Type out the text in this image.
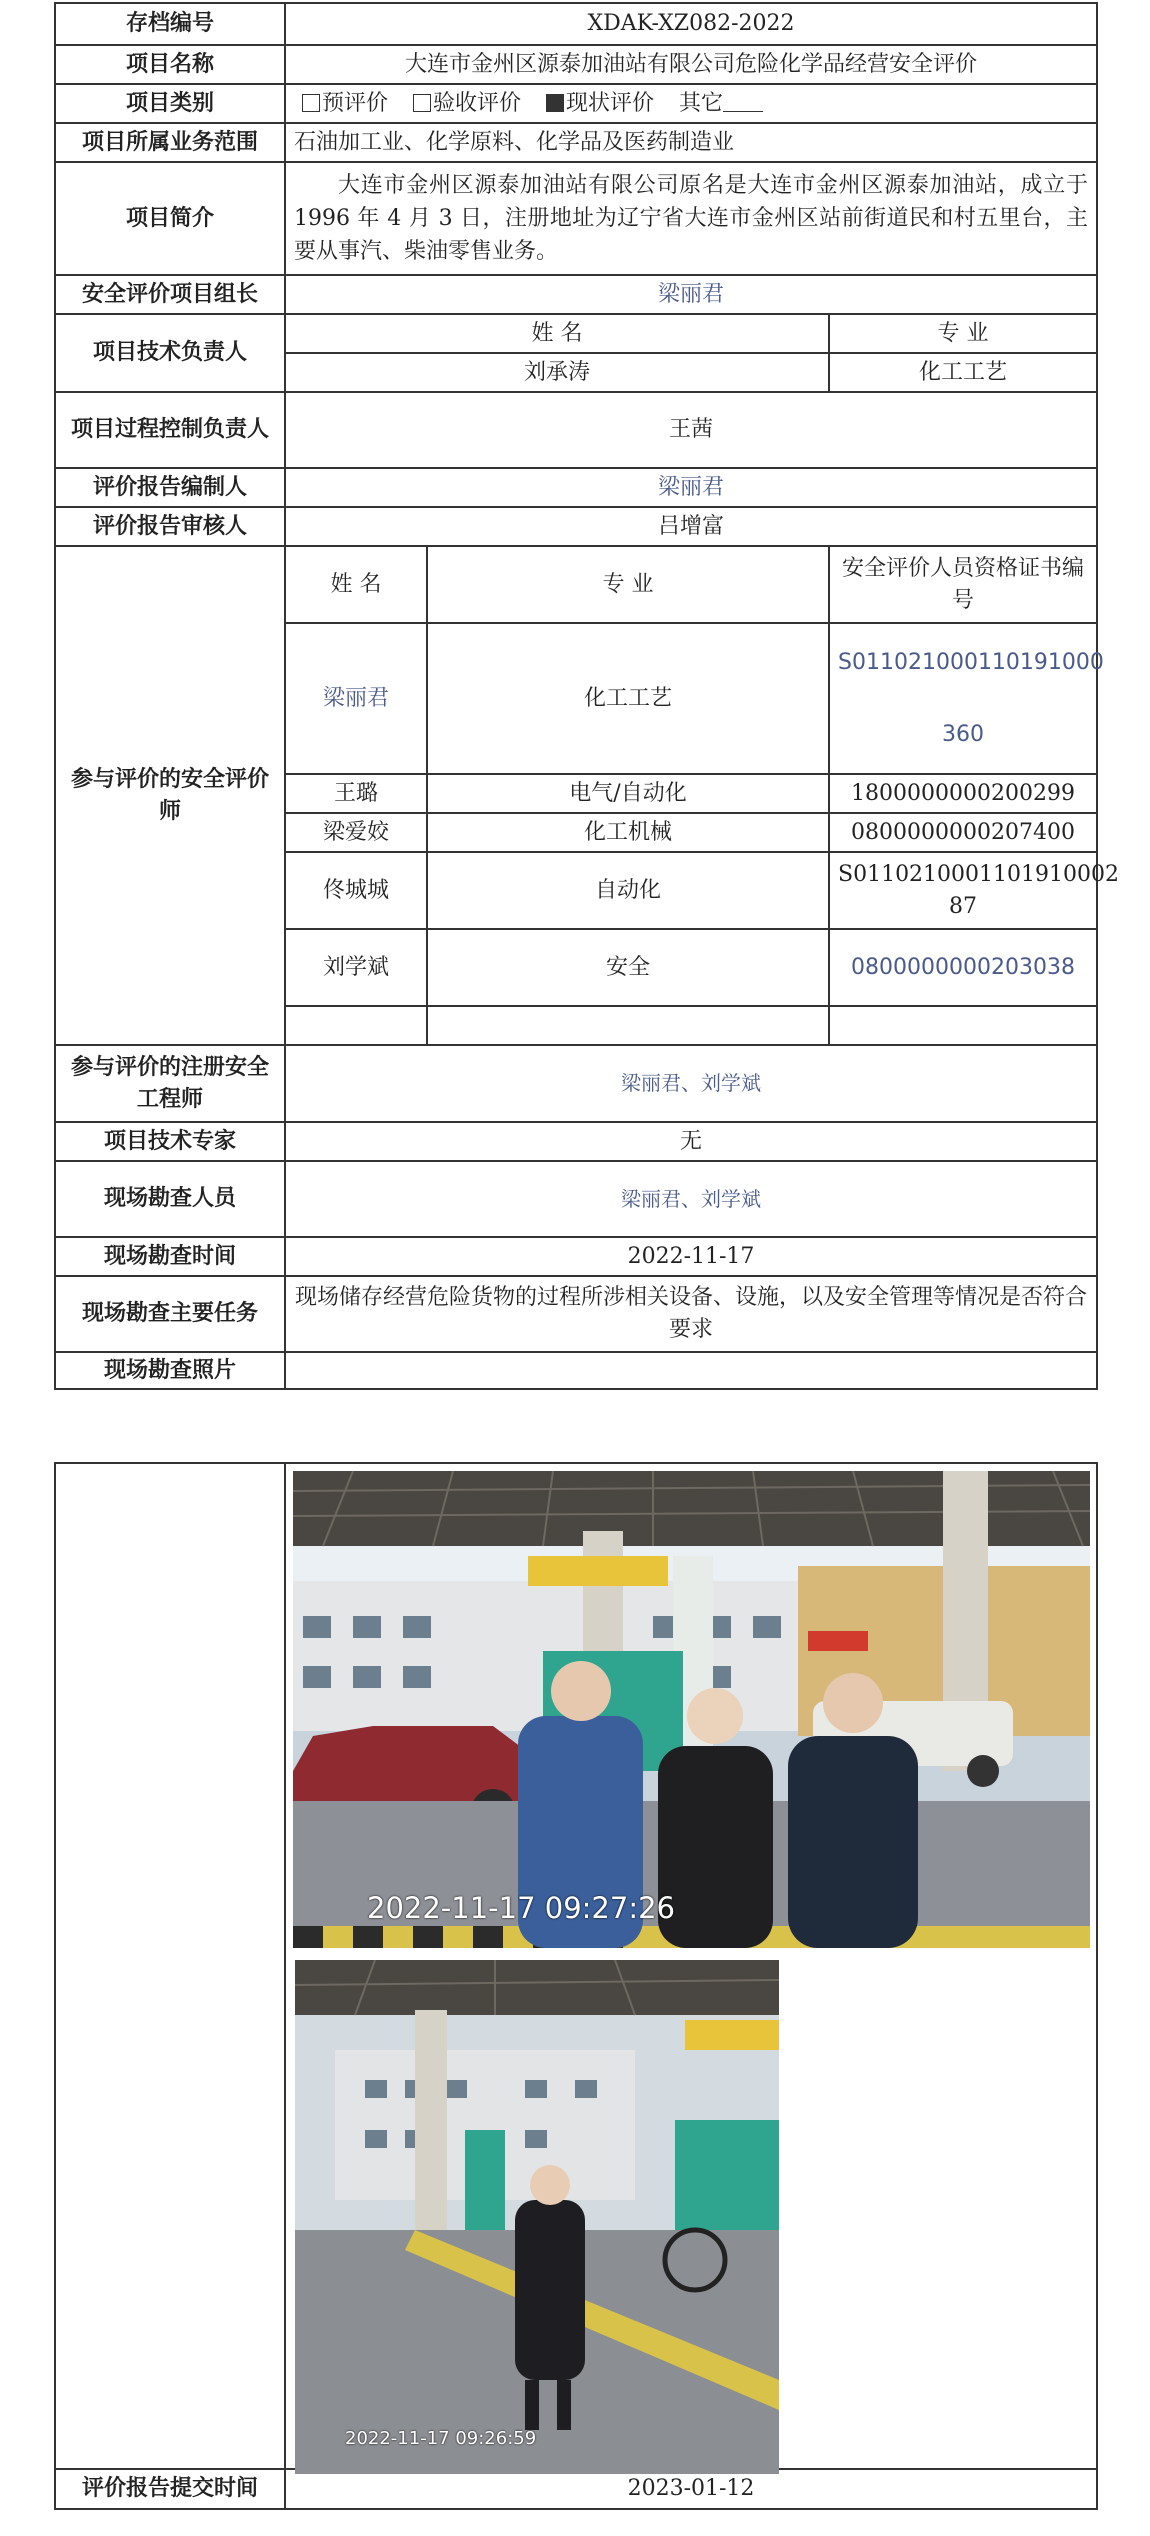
存档编号	XDAK-XZ082-2022		
项目名称	大连市金州区源泰加油站有限公司危险化学品经营安全评价		
项目类别	预评价 验收评价 现状评价 其它		
项目所属业务范围	石油加工业、化学原料、化学品及医药制造业		
项目简介	大连市金州区源泰加油站有限公司原名是大连市金州区源泰加油站，成立于 1996 年 4 月 3 日，注册地址为辽宁省大连市金州区站前街道民和村五里台，主要从事汽、柴油零售业务。		
安全评价项目组长	梁丽君		
项目技术负责人	姓 名		专 业
	刘承涛		化工工艺
项目过程控制负责人	王茜		
评价报告编制人	梁丽君		
评价报告审核人	吕增富		
参与评价的安全评价师	姓 名	专 业	安全评价人员资格证书编号
	梁丽君	化工工艺	S011021000110191000
360

	王璐	电气/自动化	1800000000200299
	梁爱姣	化工机械	0800000000207400
	佟城城	自动化	S0110210001101910002
87

	刘学斌	安全	0800000000203038

参与评价的注册安全工程师	梁丽君、刘学斌		
项目技术专家	无		
现场勘查人员	梁丽君、刘学斌		
现场勘查时间	2022-11-17		
现场勘查主要任务	现场储存经营危险货物的过程所涉相关设备、设施，以及安全管理等情况是否符合要求		
现场勘查照片			

评价报告提交时间	2023-01-12
2022-11-17 09:27:26
2022-11-17 09:26:59
